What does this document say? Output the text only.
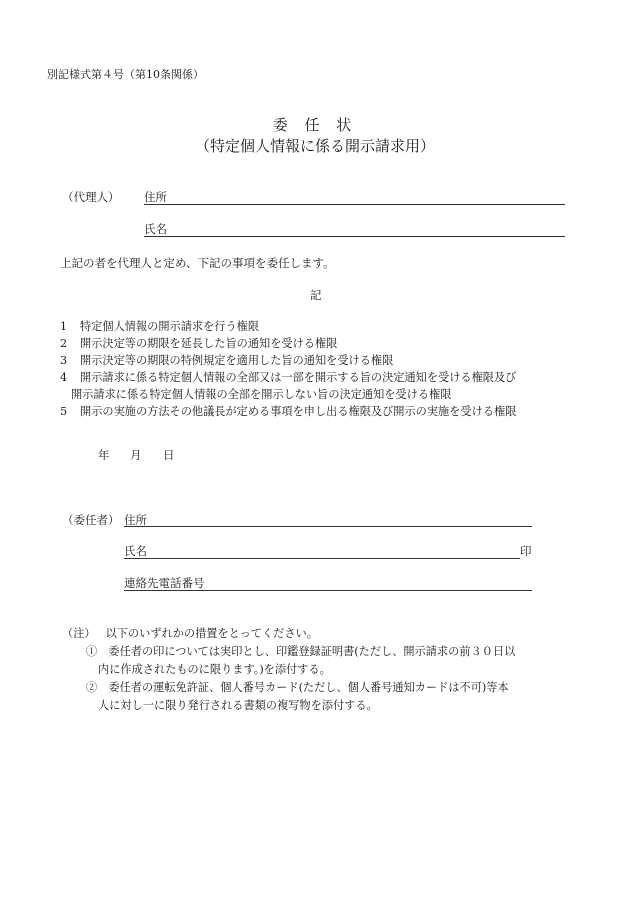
別記様式第４号（第10条関係）
委 任 状
（特定個人情報に係る開示請求用）
（代理人） 住所
氏名
上記の者を代理人と定め、下記の事項を委任します。
記
1	特定個人情報の開示請求を行う権限
2	開示決定等の期限を延長した旨の通知を受ける権限
3	開示決定等の期限の特例規定を適用した旨の通知を受ける権限
4	開示請求に係る特定個人情報の全部又は一部を開示する旨の決定通知を受ける権限及び
開示請求に係る特定個人情報の全部を開示しない旨の決定通知を受ける権限
5	開示の実施の方法その他議長が定める事項を申し出る権限及び開示の実施を受ける権限
年 月 日
（委任者） 住所
氏名	印
連絡先電話番号
（注） 以下のいずれかの措置をとってください。
①　委任者の印については実印とし、印鑑登録証明書(ただし、開示請求の前３０日以
内に作成されたものに限ります。)を添付する。
②　委任者の運転免許証、個人番号カード(ただし、個人番号通知カードは不可)等本
人に対し一に限り発行される書類の複写物を添付する。
